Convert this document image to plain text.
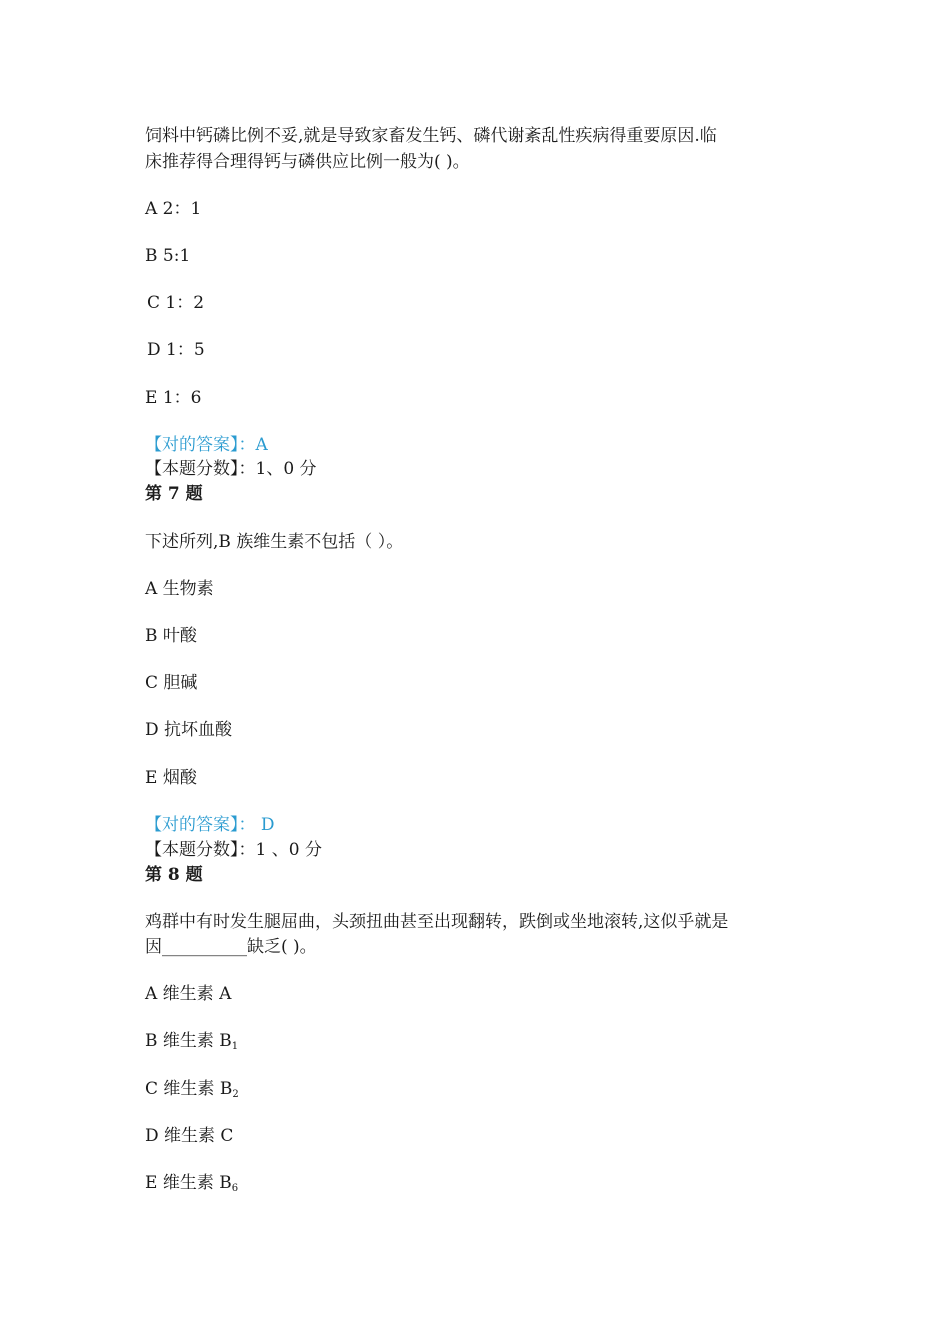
饲料中钙磷比例不妥,就是导致家畜发生钙、磷代谢紊乱性疾病得重要原因.临
床推荐得合理得钙与磷供应比例一般为( )。
A 2：1
B 5:1
C 1：2
D 1：5
E 1：6
【对的答案】：A
【本题分数】：1、0 分
第 7 题
下述所列,B 族维生素不包括（ ）。
A 生物素
B 叶酸
C 胆碱
D 抗坏血酸
E 烟酸
【对的答案】： D
【本题分数】：1 、0 分
第 8 题
鸡群中有时发生腿屈曲，头颈扭曲甚至出现翻转，跌倒或坐地滚转,这似乎就是
因__________缺乏( )。
A 维生素 A
B 维生素 $B_1$
C 维生素 $B_2$
D 维生素 C
E 维生素 $B_6$
